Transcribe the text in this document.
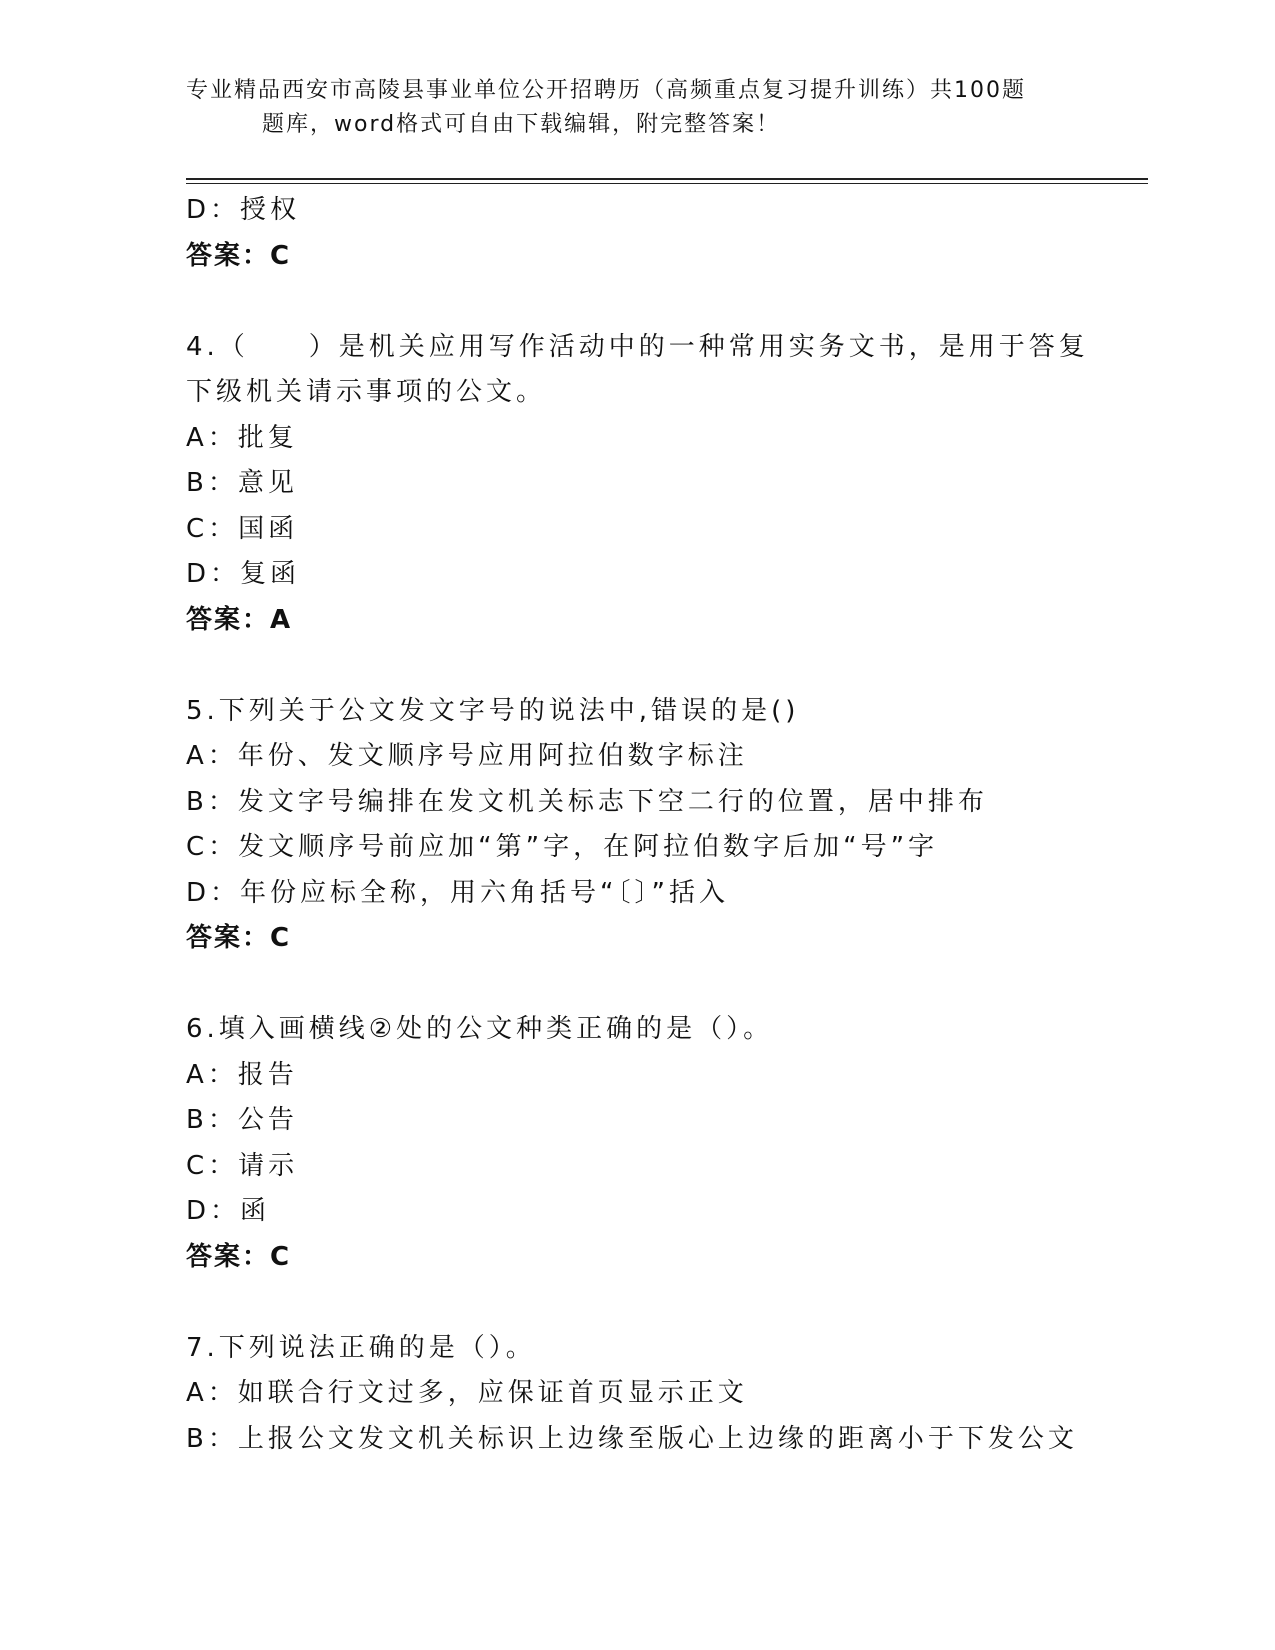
专业精品西安市高陵县事业单位公开招聘历（高频重点复习提升训练）共100题
题库，word格式可自由下载编辑，附完整答案！
D：授权
答案：C
4.（　　）是机关应用写作活动中的一种常用实务文书，是用于答复
下级机关请示事项的公文。
A：批复
B：意见
C：国函
D：复函
答案：A
5.下列关于公文发文字号的说法中,错误的是()
A：年份、发文顺序号应用阿拉伯数字标注
B：发文字号编排在发文机关标志下空二行的位置，居中排布
C：发文顺序号前应加“第”字，在阿拉伯数字后加“号”字
D：年份应标全称，用六角括号“〔〕”括入
答案：C
6.填入画横线②处的公文种类正确的是（）。
A：报告
B：公告
C：请示
D：函
答案：C
7.下列说法正确的是（）。
A：如联合行文过多，应保证首页显示正文
B：上报公文发文机关标识上边缘至版心上边缘的距离小于下发公文
